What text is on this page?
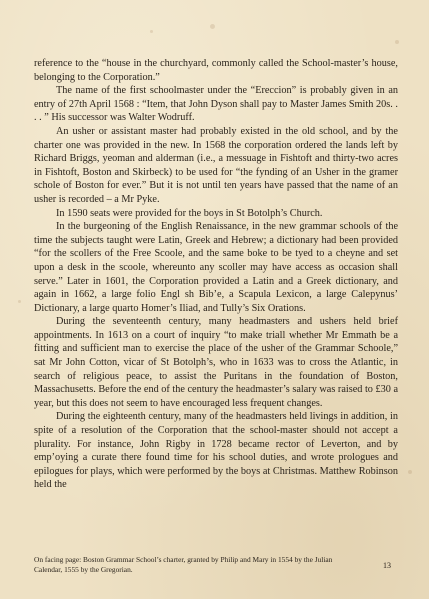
reference to the “house in the churchyard, commonly called the School-master’s house, belonging to the Corporation.”

The name of the first schoolmaster under the “Ereccion” is probably given in an entry of 27th April 1568 : “Item, that John Dyson shall pay to Master James Smith 20s. . . . ” His successor was Walter Wodruff.

An usher or assistant master had probably existed in the old school, and by the charter one was provided in the new. In 1568 the corporation ordered the lands left by Richard Briggs, yeoman and alderman (i.e., a messuage in Fishtoft and thirty-two acres in Fishtoft, Boston and Skirbeck) to be used for “the fynding of an Usher in the gramer schole of Boston for ever.” But it is not until ten years have passed that the name of an usher is recorded – a Mr Pyke.

In 1590 seats were provided for the boys in St Botolph’s Church.

In the burgeoning of the English Renaissance, in the new grammar schools of the time the subjects taught were Latin, Greek and Hebrew; a dictionary had been provided “for the scollers of the Free Scoole, and the same boke to be tyed to a cheyne and set upon a desk in the scoole, whereunto any scoller may have access as occasion shall serve.” Later in 1601, the Corporation provided a Latin and a Greek dictionary, and again in 1662, a large folio Engl sh Bib’e, a Scapula Lexicon, a large Calepynus’ Dictionary, a large quarto Homer’s Iliad, and Tully’s Six Orations.

During the seventeenth century, many headmasters and ushers held brief appointments. In 1613 on a court of inquiry “to make triall whether Mr Emmath be a fitting and sufficient man to exercise the place of the usher of the Grammar Schoole,” sat Mr John Cotton, vicar of St Botolph’s, who in 1633 was to cross the Atlantic, in search of religious peace, to assist the Puritans in the foundation of Boston, Massachusetts. Before the end of the century the headmaster’s salary was raised to £30 a year, but this does not seem to have encouraged less frequent changes.

During the eighteenth century, many of the headmasters held livings in addition, in spite of a resolution of the Corporation that the school-master should not accept a plurality. For instance, John Rigby in 1728 became rector of Leverton, and by emp’oying a curate there found time for his school duties, and wrote prologues and epilogues for plays, which were performed by the boys at Christmas. Matthew Robinson held the

On facing page: Boston Grammar School’s charter, granted by Philip and Mary in 1554 by the Julian Calendar, 1555 by the Gregorian.	13
